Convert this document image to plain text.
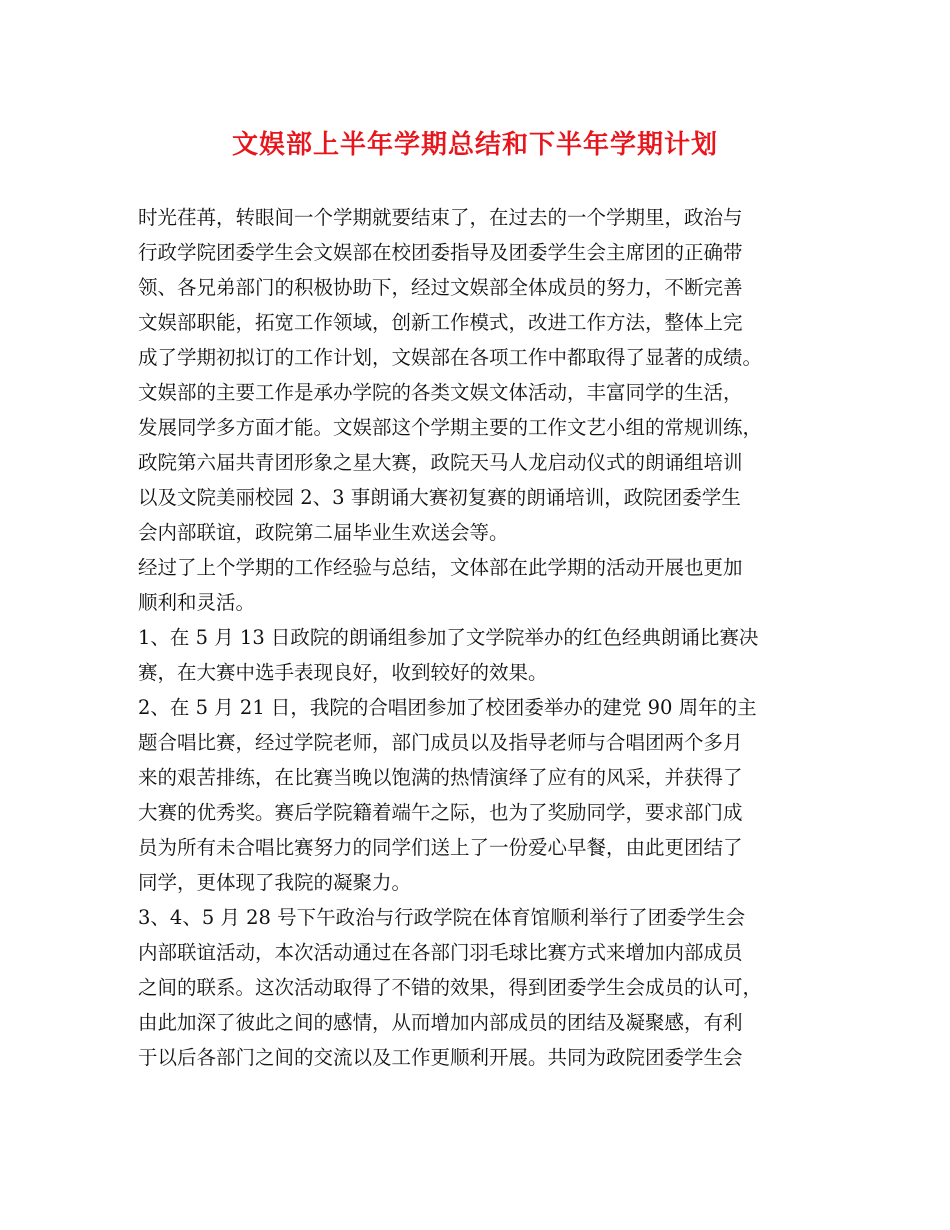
文娱部上半年学期总结和下半年学期计划
时光荏苒，转眼间一个学期就要结束了，在过去的一个学期里，政治与
行政学院团委学生会文娱部在校团委指导及团委学生会主席团的正确带
领、各兄弟部门的积极协助下，经过文娱部全体成员的努力，不断完善
文娱部职能，拓宽工作领域，创新工作模式，改进工作方法，整体上完
成了学期初拟订的工作计划，文娱部在各项工作中都取得了显著的成绩。
文娱部的主要工作是承办学院的各类文娱文体活动，丰富同学的生活，
发展同学多方面才能。文娱部这个学期主要的工作文艺小组的常规训练，
政院第六届共青团形象之星大赛，政院天马人龙启动仪式的朗诵组培训
以及文院美丽校园 2、3 事朗诵大赛初复赛的朗诵培训，政院团委学生
会内部联谊，政院第二届毕业生欢送会等。
经过了上个学期的工作经验与总结，文体部在此学期的活动开展也更加
顺利和灵活。
1、在 5 月 13 日政院的朗诵组参加了文学院举办的红色经典朗诵比赛决
赛，在大赛中选手表现良好，收到较好的效果。
2、在 5 月 21 日，我院的合唱团参加了校团委举办的建党 90 周年的主
题合唱比赛，经过学院老师，部门成员以及指导老师与合唱团两个多月
来的艰苦排练，在比赛当晚以饱满的热情演绎了应有的风采，并获得了
大赛的优秀奖。赛后学院籍着端午之际，也为了奖励同学，要求部门成
员为所有未合唱比赛努力的同学们送上了一份爱心早餐，由此更团结了
同学，更体现了我院的凝聚力。
3、4、5 月 28 号下午政治与行政学院在体育馆顺利举行了团委学生会
内部联谊活动，本次活动通过在各部门羽毛球比赛方式来增加内部成员
之间的联系。这次活动取得了不错的效果，得到团委学生会成员的认可，
由此加深了彼此之间的感情，从而增加内部成员的团结及凝聚感，有利
于以后各部门之间的交流以及工作更顺利开展。共同为政院团委学生会
